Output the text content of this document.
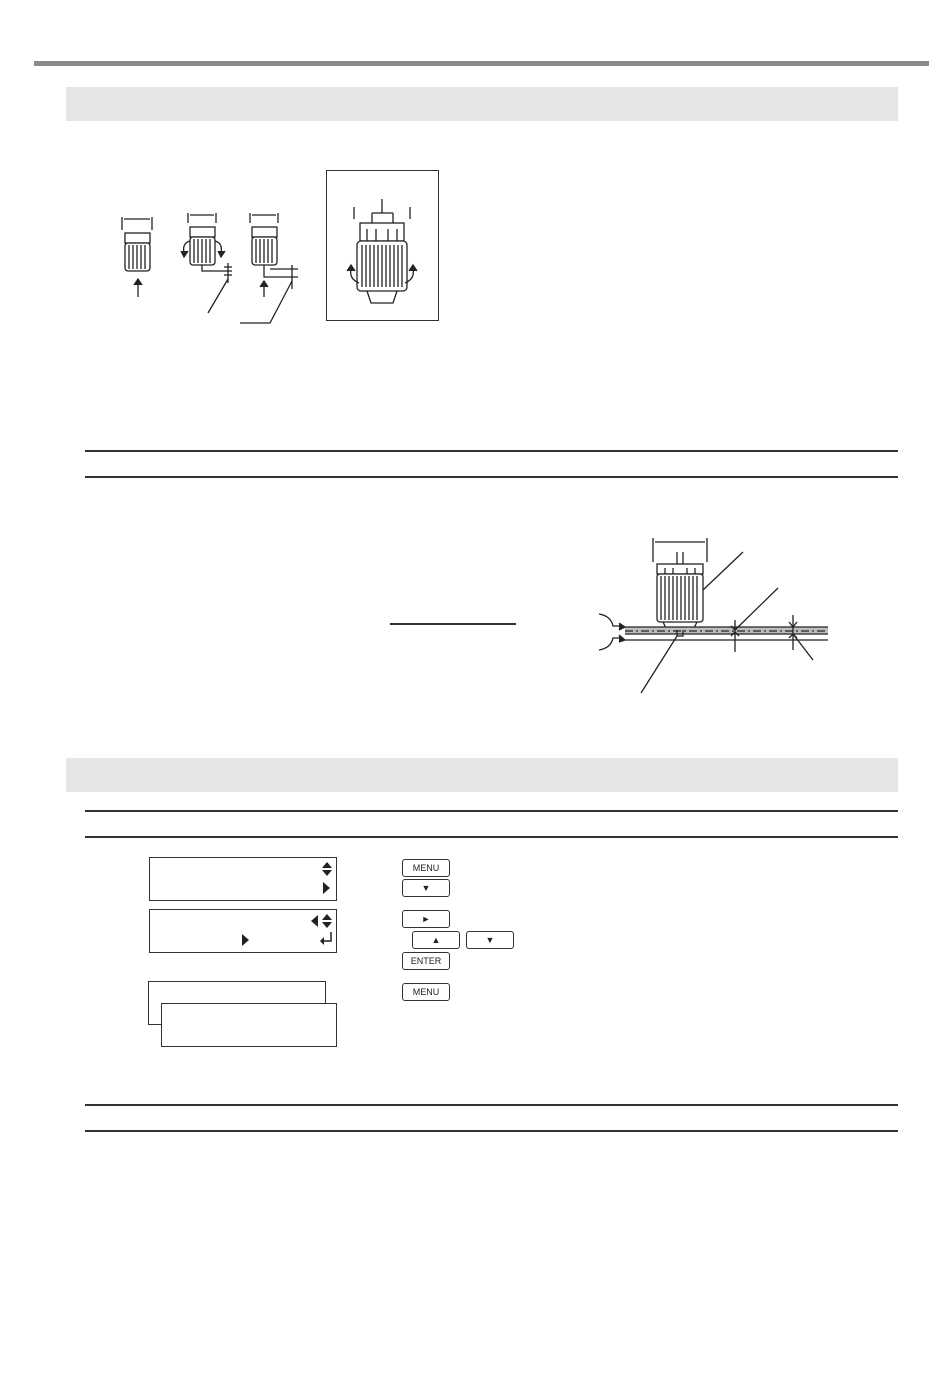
MENU
▼
►
▲	▼
ENTER
MENU
